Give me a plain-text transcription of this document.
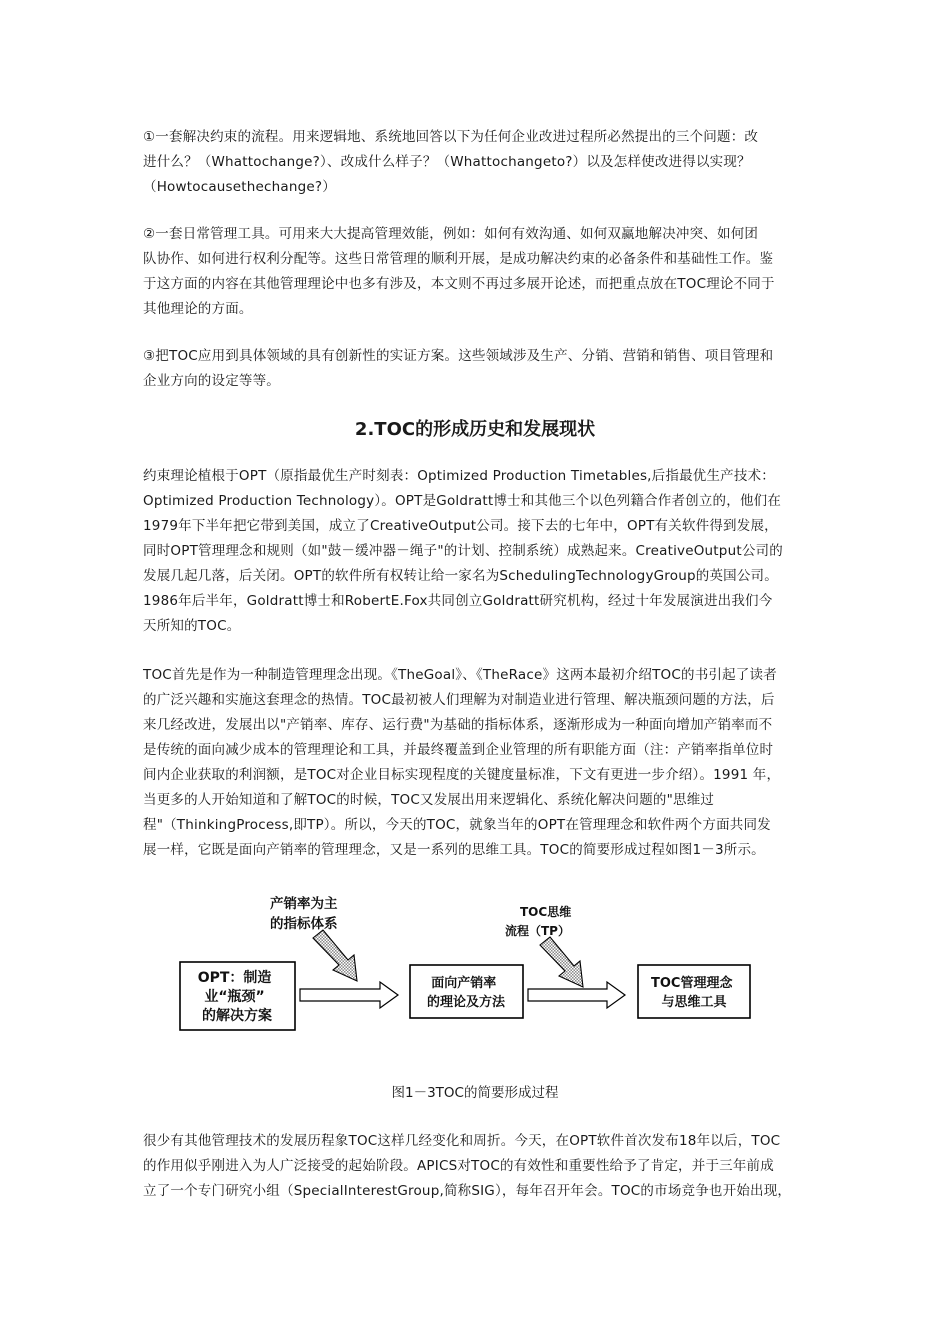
①一套解决约束的流程。用来逻辑地、系统地回答以下为任何企业改进过程所必然提出的三个问题：改
进什么？（Whattochange?）、改成什么样子？（Whattochangeto?）以及怎样使改进得以实现？
（Howtocausethechange?）
②一套日常管理工具。可用来大大提高管理效能，例如：如何有效沟通、如何双赢地解决冲突、如何团
队协作、如何进行权利分配等。这些日常管理的顺利开展，是成功解决约束的必备条件和基础性工作。鉴
于这方面的内容在其他管理理论中也多有涉及，本文则不再过多展开论述，而把重点放在TOC理论不同于
其他理论的方面。
③把TOC应用到具体领域的具有创新性的实证方案。这些领域涉及生产、分销、营销和销售、项目管理和
企业方向的设定等等。
2.TOC的形成历史和发展现状
约束理论植根于OPT（原指最优生产时刻表：Optimized Production Timetables,后指最优生产技术：
Optimized Production Technology）。OPT是Goldratt博士和其他三个以色列籍合作者创立的，他们在
1979年下半年把它带到美国，成立了CreativeOutput公司。接下去的七年中，OPT有关软件得到发展，
同时OPT管理理念和规则（如"鼓－缓冲器－绳子"的计划、控制系统）成熟起来。CreativeOutput公司的
发展几起几落，后关闭。OPT的软件所有权转让给一家名为SchedulingTechnologyGroup的英国公司。
1986年后半年，Goldratt博士和RobertE.Fox共同创立Goldratt研究机构，经过十年发展演进出我们今
天所知的TOC。
TOC首先是作为一种制造管理理念出现。《TheGoal》、《TheRace》这两本最初介绍TOC的书引起了读者
的广泛兴趣和实施这套理念的热情。TOC最初被人们理解为对制造业进行管理、解决瓶颈问题的方法，后
来几经改进，发展出以"产销率、库存、运行费"为基础的指标体系，逐渐形成为一种面向增加产销率而不
是传统的面向减少成本的管理理论和工具，并最终覆盖到企业管理的所有职能方面（注：产销率指单位时
间内企业获取的利润额，是TOC对企业目标实现程度的关键度量标准，下文有更进一步介绍）。1991 年，
当更多的人开始知道和了解TOC的时候，TOC又发展出用来逻辑化、系统化解决问题的"思维过
程"（ThinkingProcess,即TP）。所以，今天的TOC，就象当年的OPT在管理理念和软件两个方面共同发
展一样，它既是面向产销率的管理理念，又是一系列的思维工具。TOC的简要形成过程如图1－3所示。
OPT：制造 业“瓶颈” 的解决方案
面向产销率 的理论及方法
TOC管理理念 与思维工具
产销率为主 的指标体系
TOC思维 流程（TP）
图1－3TOC的简要形成过程
很少有其他管理技术的发展历程象TOC这样几经变化和周折。今天，在OPT软件首次发布18年以后，TOC
的作用似乎刚进入为人广泛接受的起始阶段。APICS对TOC的有效性和重要性给予了肯定，并于三年前成
立了一个专门研究小组（SpecialInterestGroup,简称SIG），每年召开年会。TOC的市场竞争也开始出现，
